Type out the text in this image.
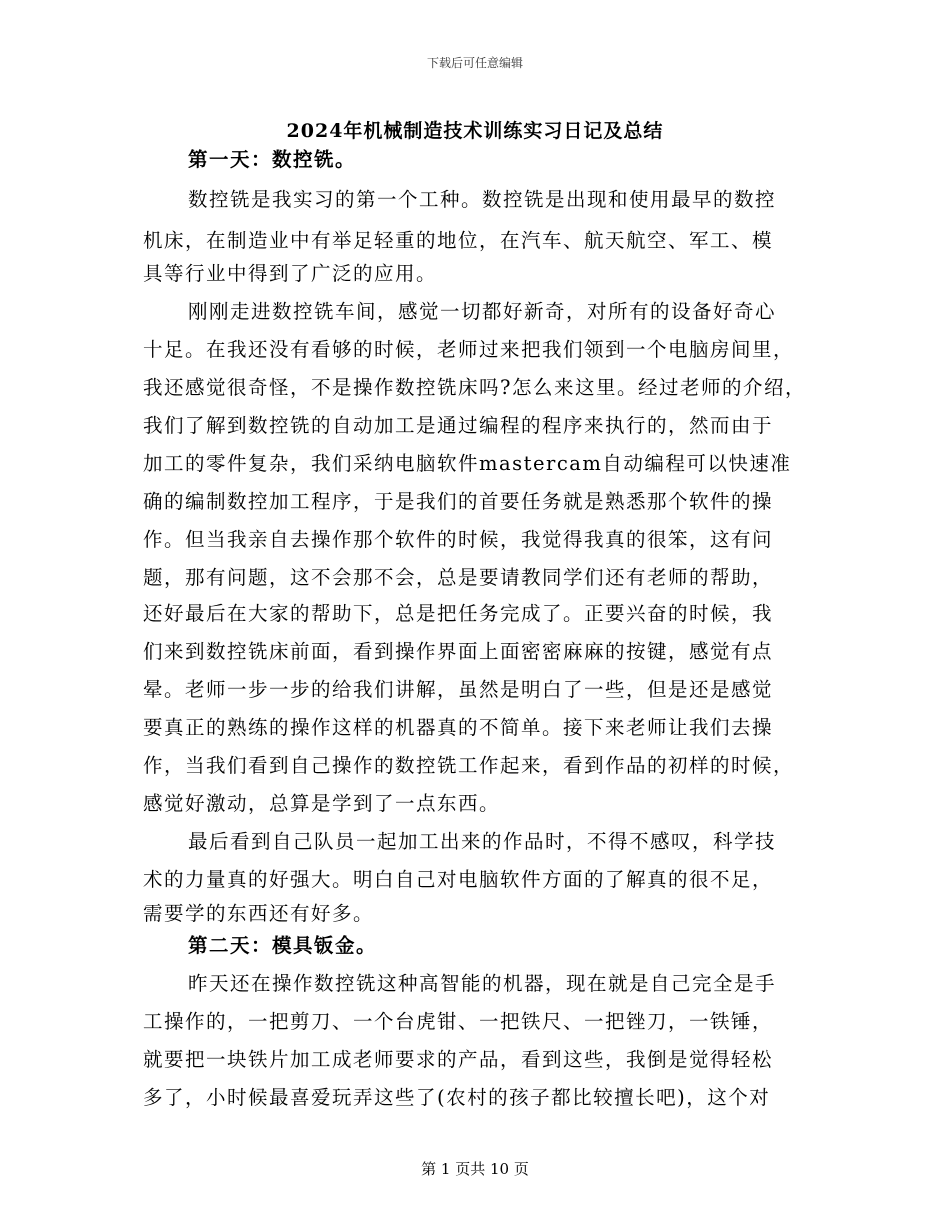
下载后可任意编辑
2024年机械制造技术训练实习日记及总结
第一天：数控铣。
数控铣是我实习的第一个工种。数控铣是出现和使用最早的数控
机床，在制造业中有举足轻重的地位，在汽车、航天航空、军工、模
具等行业中得到了广泛的应用。
刚刚走进数控铣车间，感觉一切都好新奇，对所有的设备好奇心
十足。在我还没有看够的时候，老师过来把我们领到一个电脑房间里，
我还感觉很奇怪，不是操作数控铣床吗?怎么来这里。经过老师的介绍，
我们了解到数控铣的自动加工是通过编程的程序来执行的，然而由于
加工的零件复杂，我们采纳电脑软件mastercam自动编程可以快速准
确的编制数控加工程序，于是我们的首要任务就是熟悉那个软件的操
作。但当我亲自去操作那个软件的时候，我觉得我真的很笨，这有问
题，那有问题，这不会那不会，总是要请教同学们还有老师的帮助，
还好最后在大家的帮助下，总是把任务完成了。正要兴奋的时候，我
们来到数控铣床前面，看到操作界面上面密密麻麻的按键，感觉有点
晕。老师一步一步的给我们讲解，虽然是明白了一些，但是还是感觉
要真正的熟练的操作这样的机器真的不简单。接下来老师让我们去操
作，当我们看到自己操作的数控铣工作起来，看到作品的初样的时候，
感觉好激动，总算是学到了一点东西。
最后看到自己队员一起加工出来的作品时，不得不感叹，科学技
术的力量真的好强大。明白自己对电脑软件方面的了解真的很不足，
需要学的东西还有好多。
第二天：模具钣金。
昨天还在操作数控铣这种高智能的机器，现在就是自己完全是手
工操作的，一把剪刀、一个台虎钳、一把铁尺、一把锉刀，一铁锤，
就要把一块铁片加工成老师要求的产品，看到这些，我倒是觉得轻松
多了，小时候最喜爱玩弄这些了(农村的孩子都比较擅长吧)，这个对
第 1 页共 10 页
